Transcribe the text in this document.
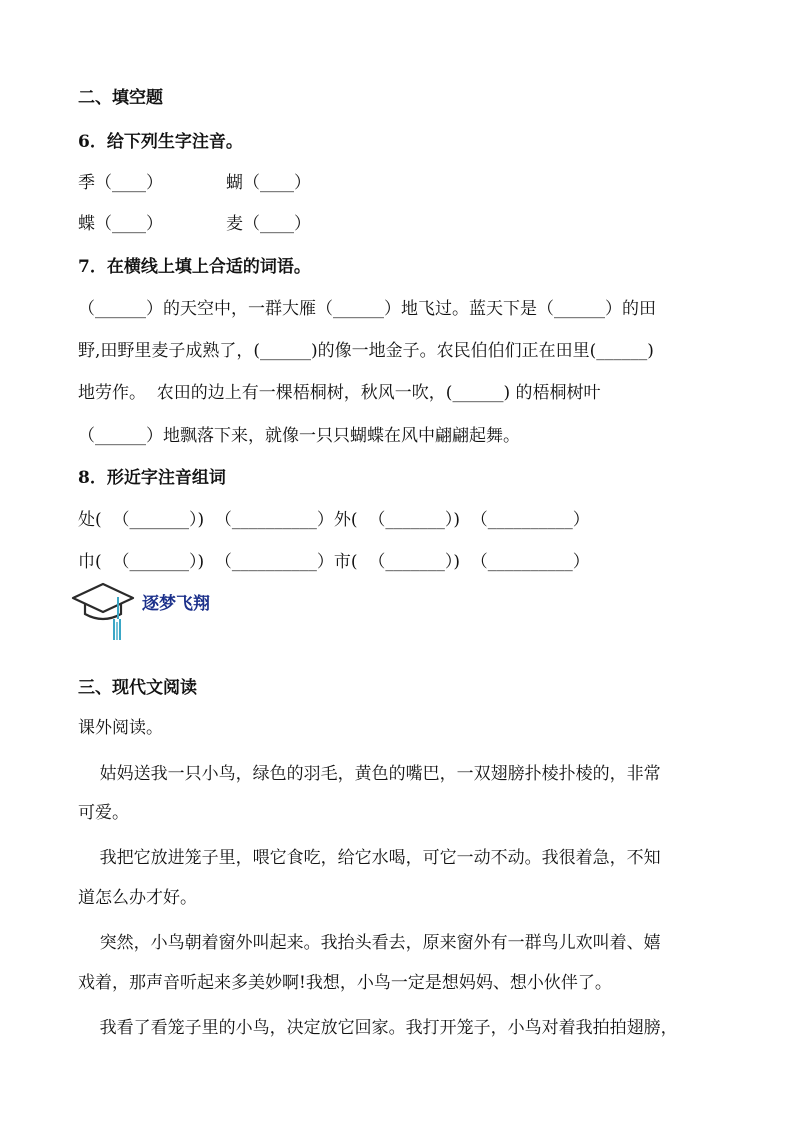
二、填空题
6．给下列生字注音。
季（____）	蝴（____）
蝶（____）	麦（____）
7．在横线上填上合适的词语。
（______）的天空中，一群大雁（______）地飞过。蓝天下是（______）的田
野,田野里麦子成熟了，(______)的像一地金子。农民伯伯们正在田里(______)
地劳作。  农田的边上有一棵梧桐树，秋风一吹，(______) 的梧桐树叶
（______）地飘落下来，就像一只只蝴蝶在风中翩翩起舞。
8．形近字注音组词
处(  （_______）)  （__________）外(  （_______）)  （__________）
巾(  （_______）)  （__________）市(  （_______）)  （__________）
逐梦飞翔
三、现代文阅读
课外阅读。
姑妈送我一只小鸟，绿色的羽毛，黄色的嘴巴，一双翅膀扑棱扑棱的，非常
可爱。
我把它放进笼子里，喂它食吃，给它水喝，可它一动不动。我很着急，不知
道怎么办才好。
突然，小鸟朝着窗外叫起来。我抬头看去，原来窗外有一群鸟儿欢叫着、嬉
戏着，那声音听起来多美妙啊!我想，小鸟一定是想妈妈、想小伙伴了。
我看了看笼子里的小鸟，决定放它回家。我打开笼子，小鸟对着我拍拍翅膀，
